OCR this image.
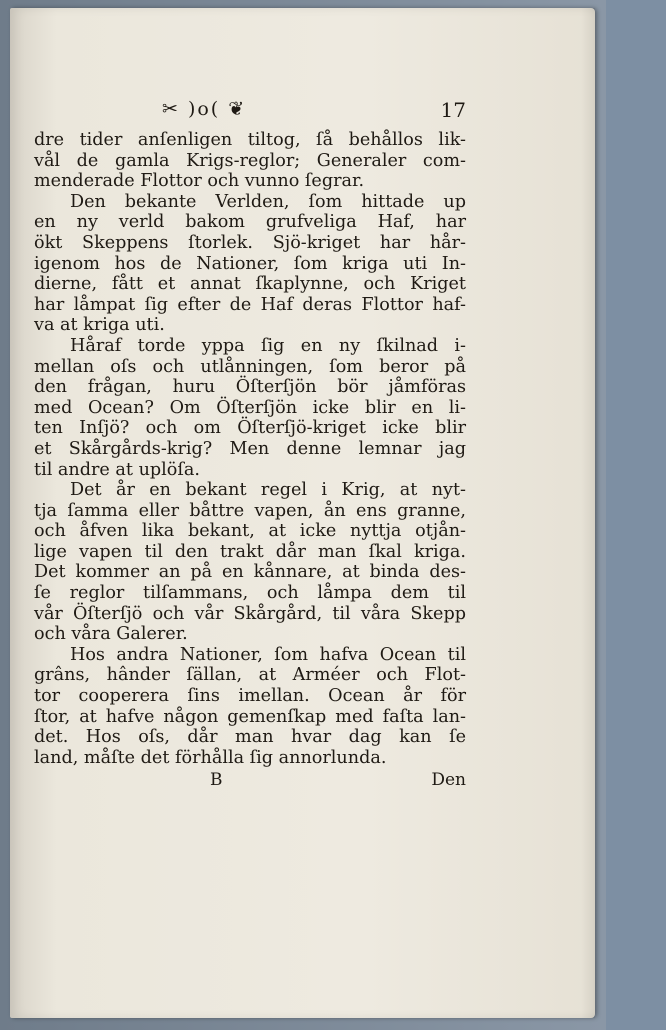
✂ )o( ❦	17
dre tider anſenligen tiltog, ſå behållos lik-
vål de gamla Krigs-reglor; Generaler com-
menderade Flottor och vunno ſegrar.
Den bekante Verlden, ſom hittade up
en ny verld bakom grufveliga Haf, har
ökt Skeppens ſtorlek. Sjö-kriget har hår-
igenom hos de Nationer, ſom kriga uti In-
dierne, fått et annat ſkaplynne, och Kriget
har låmpat ſig efter de Haf deras Flottor haf-
va at kriga uti.
Håraf torde yppa ſig en ny ſkilnad i-
mellan oſs och utlånningen, ſom beror på
den frågan, huru Öſterſjön bör jåmföras
med Ocean? Om Öſterſjön icke blir en li-
ten Inſjö? och om Öſterſjö-kriget icke blir
et Skårgårds-krig? Men denne lemnar jag
til andre at uplöſa.
Det år en bekant regel i Krig, at nyt-
tja ſamma eller båttre vapen, ån ens granne,
och åfven lika bekant, at icke nyttja otjån-
lige vapen til den trakt dår man ſkal kriga.
Det kommer an på en kånnare, at binda des-
ſe reglor tilſammans, och låmpa dem til
vår Öſterſjö och vår Skårgård, til våra Skepp
och våra Galerer.
Hos andra Nationer, ſom hafva Ocean til
grâns, hânder ſällan, at Arméer och Flot-
tor cooperera ſins imellan. Ocean år för
ſtor, at hafve någon gemenſkap med faſta lan-
det. Hos oſs, dår man hvar dag kan ſe
land, måſte det förhålla ſig annorlunda.
B	Den
